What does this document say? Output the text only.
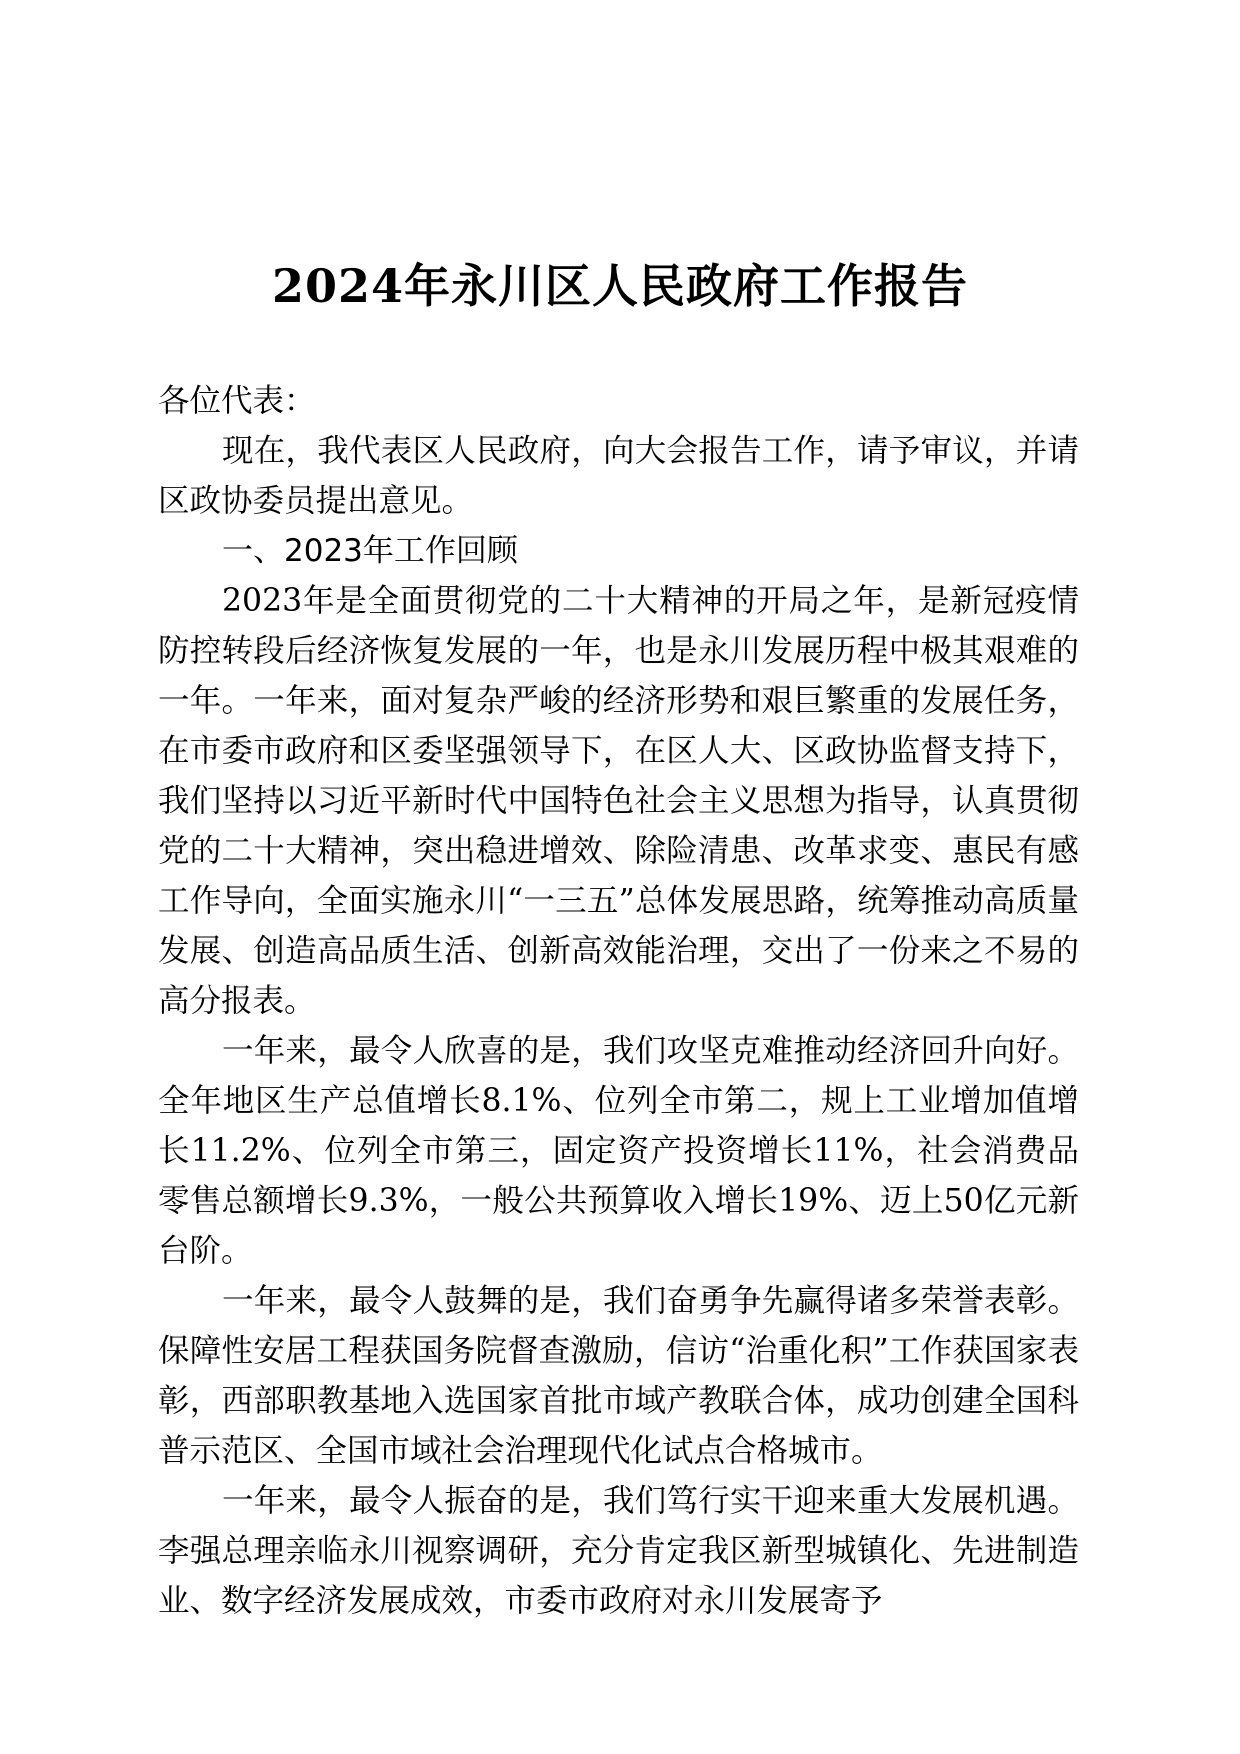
2024年永川区人民政府工作报告

各位代表：

现在，我代表区人民政府，向大会报告工作，请予审议，并请区政协委员提出意见。

一、2023年工作回顾

2023年是全面贯彻党的二十大精神的开局之年，是新冠疫情防控转段后经济恢复发展的一年，也是永川发展历程中极其艰难的一年。一年来，面对复杂严峻的经济形势和艰巨繁重的发展任务，在市委市政府和区委坚强领导下，在区人大、区政协监督支持下，我们坚持以习近平新时代中国特色社会主义思想为指导，认真贯彻党的二十大精神，突出稳进增效、除险清患、改革求变、惠民有感工作导向，全面实施永川“一三五”总体发展思路，统筹推动高质量发展、创造高品质生活、创新高效能治理，交出了一份来之不易的高分报表。

一年来，最令人欣喜的是，我们攻坚克难推动经济回升向好。全年地区生产总值增长8.1%、位列全市第二，规上工业增加值增长11.2%、位列全市第三，固定资产投资增长11%，社会消费品零售总额增长9.3%，一般公共预算收入增长19%、迈上50亿元新台阶。

一年来，最令人鼓舞的是，我们奋勇争先赢得诸多荣誉表彰。保障性安居工程获国务院督查激励，信访“治重化积”工作获国家表彰，西部职教基地入选国家首批市域产教联合体，成功创建全国科普示范区、全国市域社会治理现代化试点合格城市。

一年来，最令人振奋的是，我们笃行实干迎来重大发展机遇。李强总理亲临永川视察调研，充分肯定我区新型城镇化、先进制造业、数字经济发展成效，市委市政府对永川发展寄予
